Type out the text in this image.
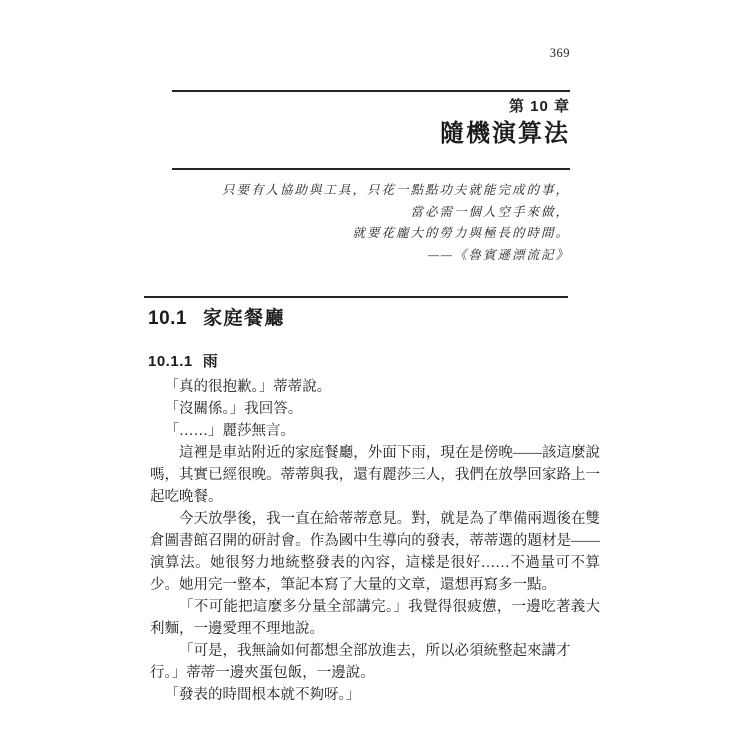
369
第 10 章
隨機演算法
只要有人協助與工具，只花一點點功夫就能完成的事，
當必需一個人空手來做，
就要花龐大的勞力與極長的時間。
——《魯賓遜漂流記》
10.1 家庭餐廳
10.1.1 雨
「真的很抱歉。」蒂蒂說。
「沒關係。」我回答。
「……」麗莎無言。
這裡是車站附近的家庭餐廳，外面下雨，現在是傍晚——該這麼說
嗎，其實已經很晚。蒂蒂與我，還有麗莎三人，我們在放學回家路上一
起吃晚餐。
今天放學後，我一直在給蒂蒂意見。對，就是為了準備兩週後在雙
倉圖書館召開的研討會。作為國中生導向的發表，蒂蒂選的題材是——
演算法。她很努力地統整發表的內容，這樣是很好……不過量可不算
少。她用完一整本，筆記本寫了大量的文章，還想再寫多一點。
「不可能把這麼多分量全部講完。」我覺得很疲憊，一邊吃著義大
利麵，一邊愛理不理地說。
「可是，我無論如何都想全部放進去，所以必須統整起來講才
行。」蒂蒂一邊夾蛋包飯，一邊說。
「發表的時間根本就不夠呀。」
